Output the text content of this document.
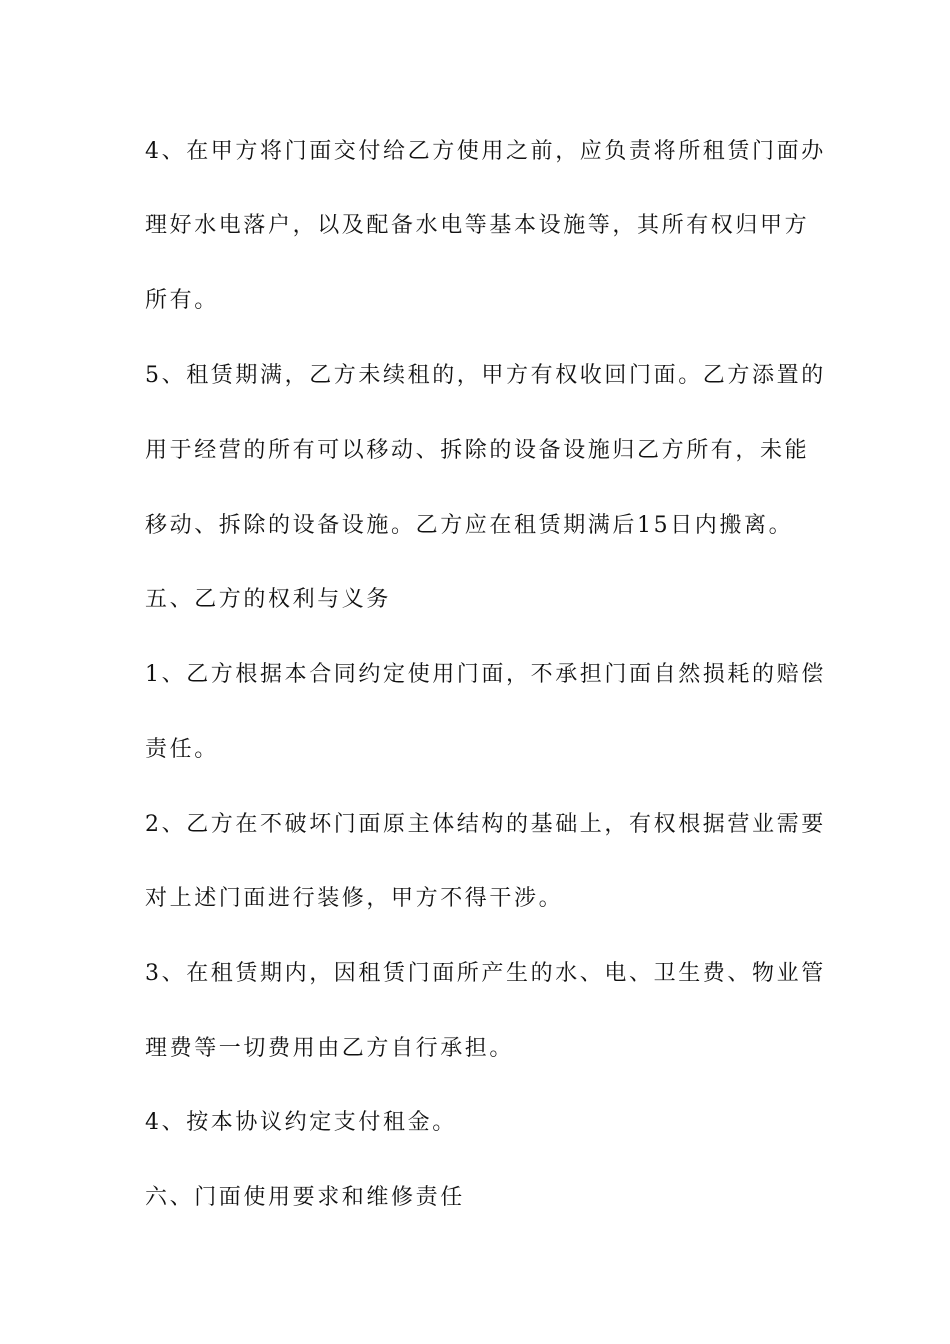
4、在甲方将门面交付给乙方使用之前，应负责将所租赁门面办
理好水电落户，以及配备水电等基本设施等，其所有权归甲方
所有。
5、租赁期满，乙方未续租的，甲方有权收回门面。乙方添置的
用于经营的所有可以移动、拆除的设备设施归乙方所有，未能
移动、拆除的设备设施。乙方应在租赁期满后15日内搬离。
五、乙方的权利与义务
1、乙方根据本合同约定使用门面，不承担门面自然损耗的赔偿
责任。
2、乙方在不破坏门面原主体结构的基础上，有权根据营业需要
对上述门面进行装修，甲方不得干涉。
3、在租赁期内，因租赁门面所产生的水、电、卫生费、物业管
理费等一切费用由乙方自行承担。
4、按本协议约定支付租金。
六、门面使用要求和维修责任
